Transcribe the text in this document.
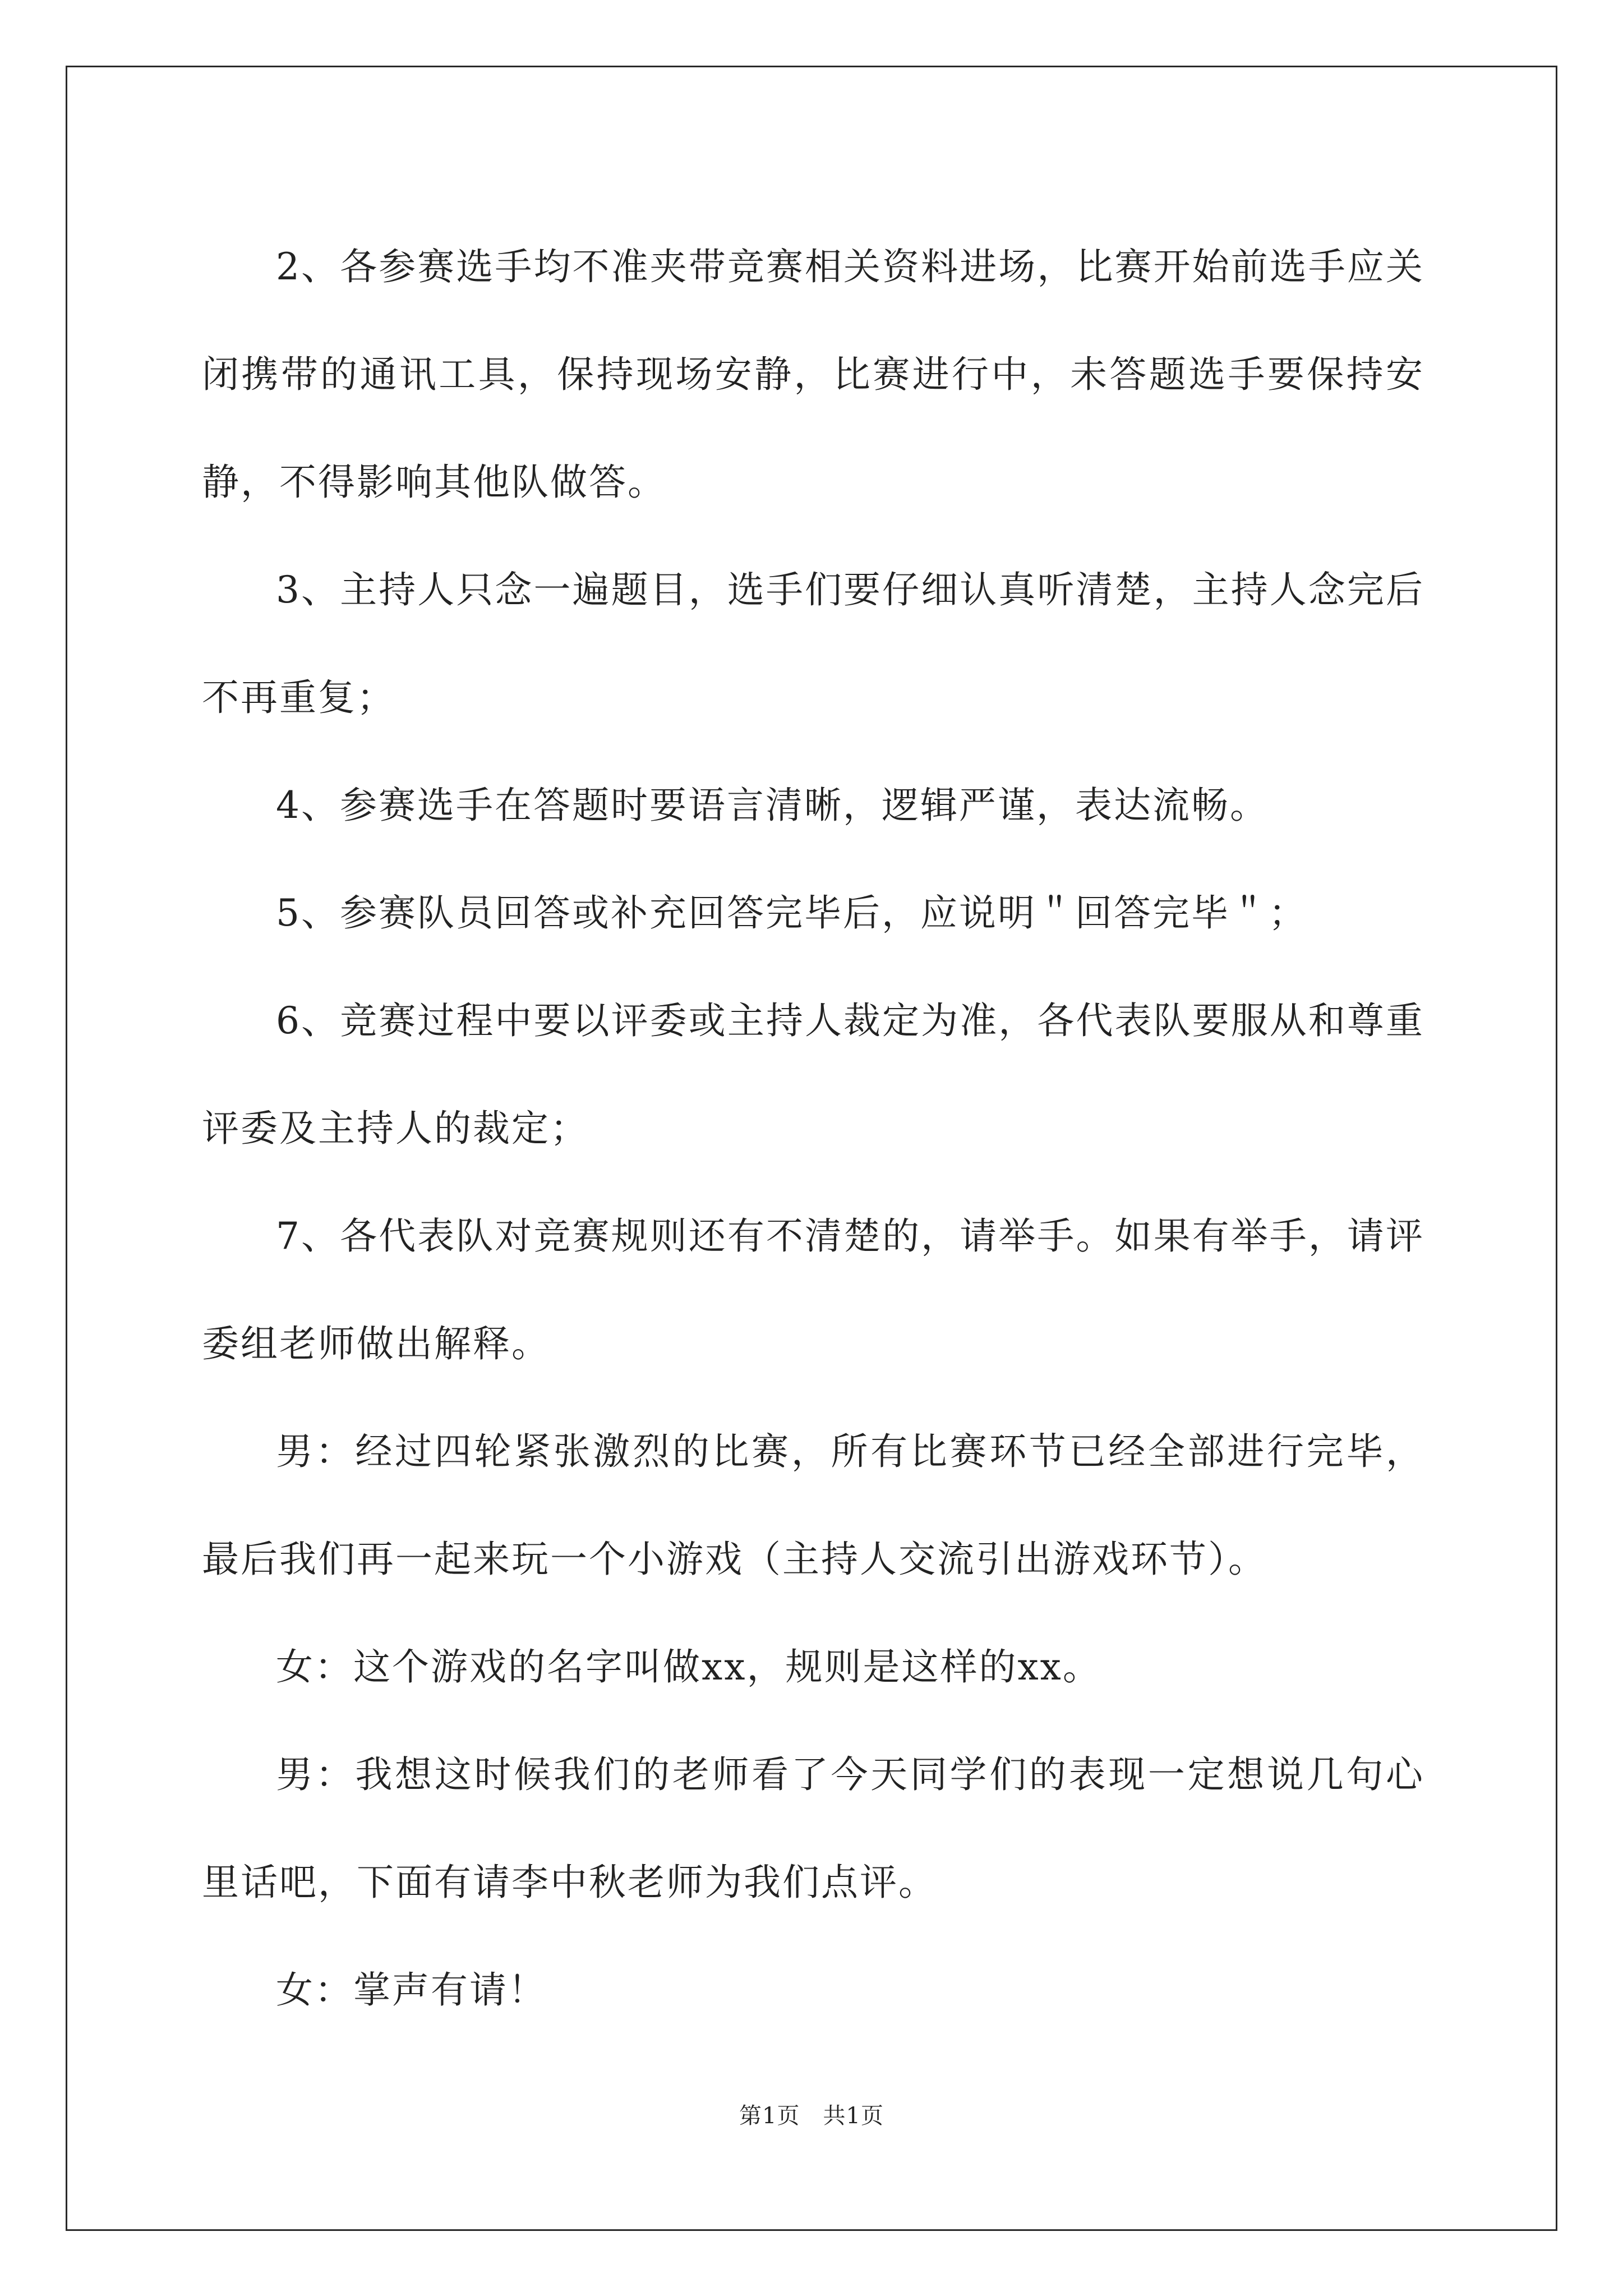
2、各参赛选手均不准夹带竞赛相关资料进场，比赛开始前选手应关闭携带的通讯工具，保持现场安静，比赛进行中，未答题选手要保持安静，不得影响其他队做答。

3、主持人只念一遍题目，选手们要仔细认真听清楚，主持人念完后不再重复；

4、参赛选手在答题时要语言清晰，逻辑严谨，表达流畅。

5、参赛队员回答或补充回答完毕后，应说明＂回答完毕＂；

6、竞赛过程中要以评委或主持人裁定为准，各代表队要服从和尊重评委及主持人的裁定；

7、各代表队对竞赛规则还有不清楚的，请举手。如果有举手，请评委组老师做出解释。

男：经过四轮紧张激烈的比赛，所有比赛环节已经全部进行完毕，最后我们再一起来玩一个小游戏（主持人交流引出游戏环节）。

女：这个游戏的名字叫做xx，规则是这样的xx。

男：我想这时候我们的老师看了今天同学们的表现一定想说几句心里话吧，下面有请李中秋老师为我们点评。

女：掌声有请！

第1页　共1页
